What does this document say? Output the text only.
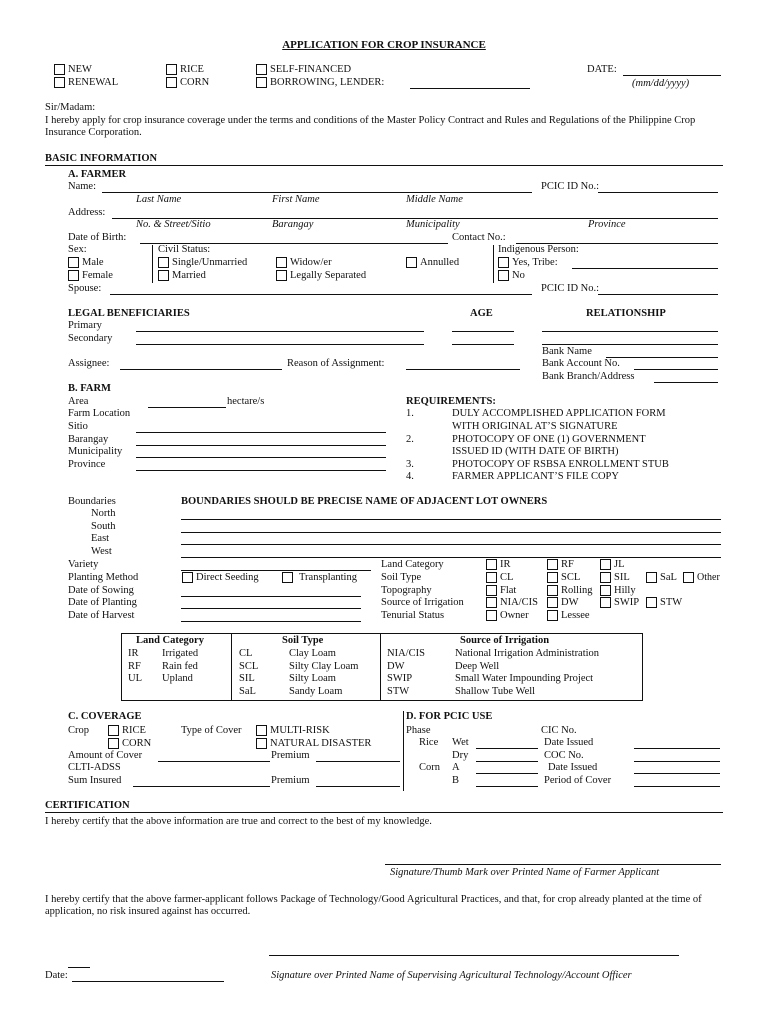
APPLICATION FOR CROP INSURANCE
NEW
RENEWAL
RICE
CORN
SELF-FINANCED
BORROWING, LENDER:
DATE:
(mm/dd/yyyy)
Sir/Madam:
I hereby apply for crop insurance coverage under the terms and conditions of the Master Policy Contract and Rules and Regulations of the Philippine Crop Insurance Corporation.
BASIC INFORMATION
A. FARMER
Name:	PCIC ID No.:
Last Name	First Name	Middle Name
Address:
No. & Street/Sitio	Barangay	Municipality	Province
Date of Birth:	Contact No.:
Sex:
Male
Female
Civil Status:
Single/Unmarried
Married
Widow/er
Legally Separated
Annulled
Indigenous Person:
Yes, Tribe:
No
Spouse:	PCIC ID No.:
LEGAL BENEFICIARIES	AGE	RELATIONSHIP
Primary
Secondary
Bank Name
Assignee:	Reason of Assignment:	Bank Account No.
Bank Branch/Address
B. FARM
Area	hectare/s
Farm Location
Sitio
Barangay
Municipality
Province
REQUIREMENTS:
1.	DULY ACCOMPLISHED APPLICATION FORM
WITH ORIGINAL AT’S SIGNATURE
2.	PHOTOCOPY OF ONE (1) GOVERNMENT
ISSUED ID (WITH DATE OF BIRTH)
3.	PHOTOCOPY OF RSBSA ENROLLMENT STUB
4.	FARMER APPLICANT’S FILE COPY
Boundaries	BOUNDARIES SHOULD BE PRECISE NAME OF ADJACENT LOT OWNERS
North
South
East
West
Variety
Planting Method	Direct Seeding	Transplanting
Date of Sowing
Date of Planting
Date of Harvest
Land Category	IR	RF	JL
Soil Type	CL	SCL	SIL	SaL Other
Topography	Flat	Rolling Hilly
Source of Irrigation	NIA/CIS DW	SWIP STW
Tenurial Status	Owner	Lessee
Land Category	Soil Type	Source of Irrigation
IR Irrigated	CL	Clay Loam	NIA/CIS	National Irrigation Administration
RF Rain fed	SCL	Silty Clay Loam	DW	Deep Well
UL Upland	SIL	Silty Loam	SWIP	Small Water Impounding Project
SaL	Sandy Loam	STW	Shallow Tube Well
C. COVERAGE
Crop	RICE
CORN
Type of Cover	MULTI-RISK
NATURAL DISASTER
Amount of Cover	Premium
CLTI-ADSS
Sum Insured	Premium
D. FOR PCIC USE
Phase	CIC No.
Rice Wet	Date Issued
Dry	COC No.
Corn A	Date Issued
B	Period of Cover
CERTIFICATION
I hereby certify that the above information are true and correct to the best of my knowledge.
Signature/Thumb Mark over Printed Name of Farmer Applicant
I hereby certify that the above farmer-applicant follows Package of Technology/Good Agricultural Practices, and that, for crop already planted at the time of application, no risk insured against has occurred.
Date:	Signature over Printed Name of Supervising Agricultural Technology/Account Officer
